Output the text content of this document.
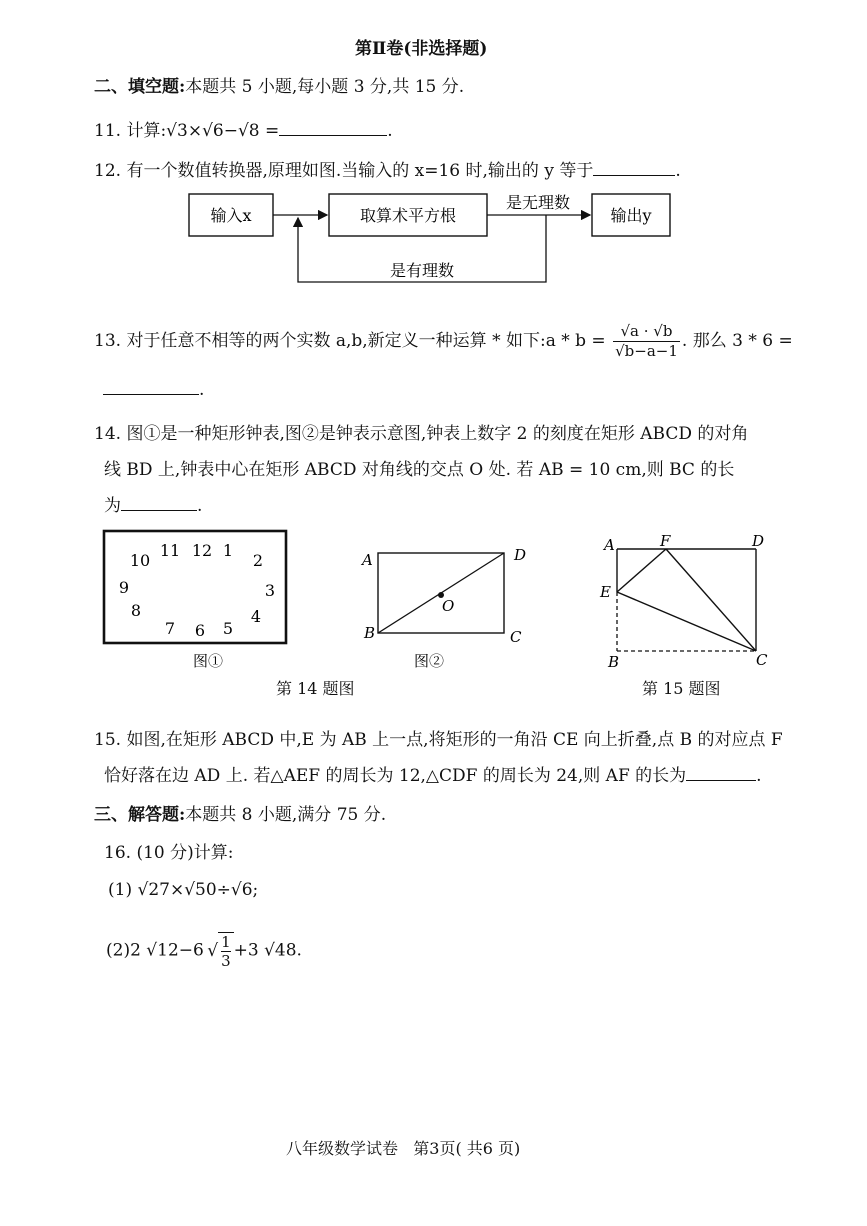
第Ⅱ卷(非选择题)
二、填空题:本题共 5 小题,每小题 3 分,共 15 分.
11. 计算:√3×√6−√8 =	.
12. 有一个数值转换器,原理如图.当输入的 x=16 时,输出的 y 等于	.
输入x	取算术平方根	输出y
是无理数
是有理数
13. 对于任意不相等的两个实数 a,b,新定义一种运算 * 如下:a * $b = \frac{√a \cdot √b}{√b-a-1}$ . 那么 3 * 6 =
.
14. 图①是一种矩形钟表,图②是钟表示意图,钟表上数字 2 的刻度在矩形 ABCD 的对角
线 BD 上,钟表中心在矩形 ABCD 对角线的交点 O 处. 若 AB = 10 cm,则 BC 的长
为	.
10
11 12 1
2
3
4
5
6
7
8
9
图①
A
B	C
D
O
图②
第 14 题图
A	F	D
E
B	C
第 15 题图
15. 如图,在矩形 ABCD 中,E 为 AB 上一点,将矩形的一角沿 CE 向上折叠,点 B 的对应点 F
恰好落在边 AD 上. 若△AEF 的周长为 12,△CDF 的周长为 24,则 AF 的长为	.
三、解答题:本题共 8 小题,满分 75 分.
16. (10 分)计算:
(1) √27×√50÷√6;
(2)2 √12−6 √ $\frac{1}{3} +3$ √48.
八年级数学试卷   第3页( 共6 页)
